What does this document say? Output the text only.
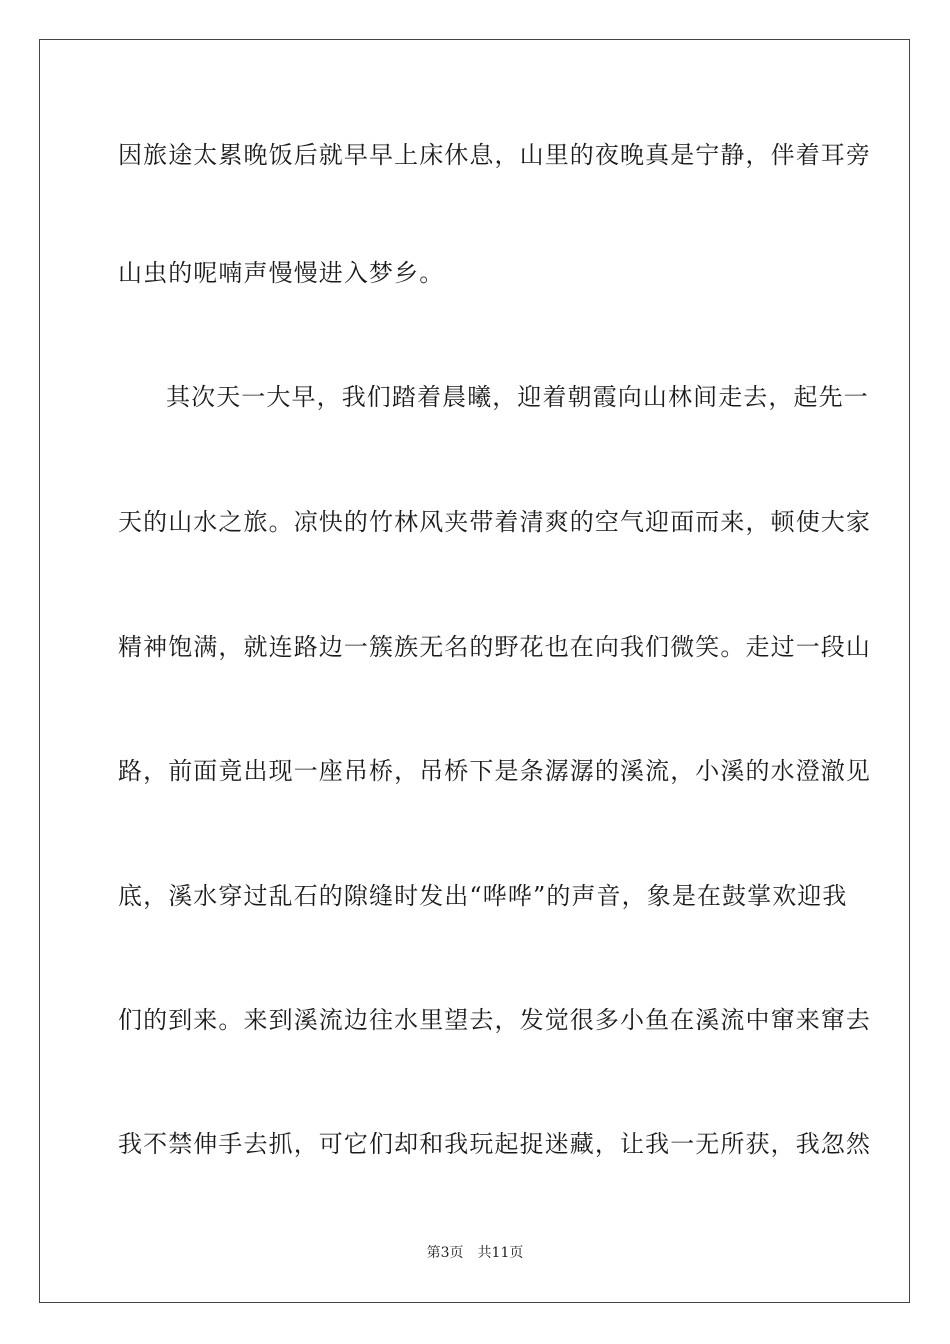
因旅途太累晚饭后就早早上床休息，山里的夜晚真是宁静，伴着耳旁
山虫的呢喃声慢慢进入梦乡。
其次天一大早，我们踏着晨曦，迎着朝霞向山林间走去，起先一
天的山水之旅。凉快的竹林风夹带着清爽的空气迎面而来，顿使大家
精神饱满，就连路边一簇族无名的野花也在向我们微笑。走过一段山
路，前面竟出现一座吊桥，吊桥下是条潺潺的溪流，小溪的水澄澈见
底，溪水穿过乱石的隙缝时发出“哗哗”的声音，象是在鼓掌欢迎我
们的到来。来到溪流边往水里望去，发觉很多小鱼在溪流中窜来窜去
我不禁伸手去抓，可它们却和我玩起捉迷藏，让我一无所获，我忽然
第3页 共11页
